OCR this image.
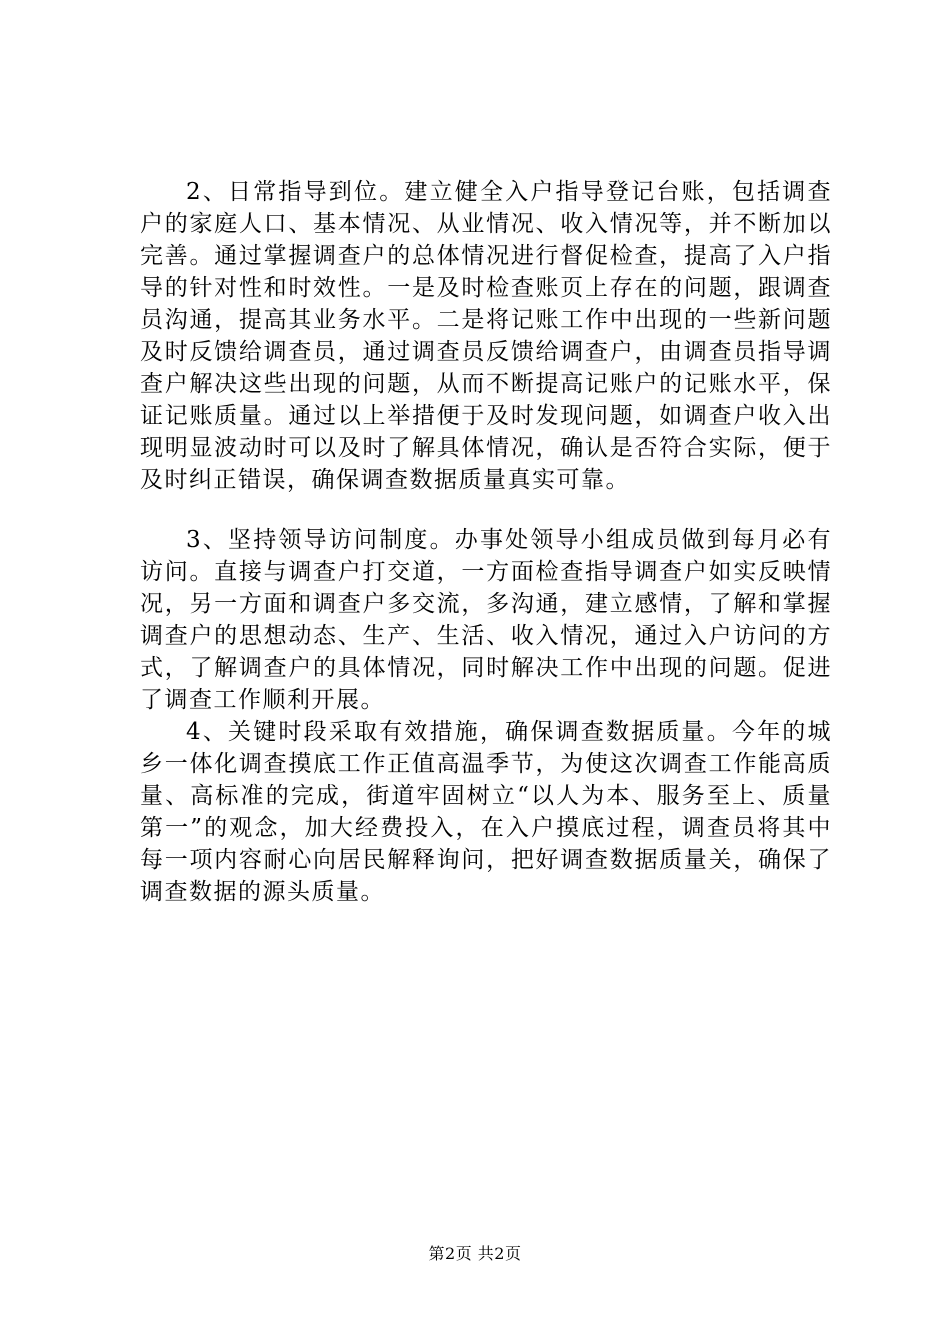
2、日常指导到位。建立健全入户指导登记台账，包括调查户的家庭人口、基本情况、从业情况、收入情况等，并不断加以完善。通过掌握调查户的总体情况进行督促检查，提高了入户指导的针对性和时效性。一是及时检查账页上存在的问题，跟调查员沟通，提高其业务水平。二是将记账工作中出现的一些新问题及时反馈给调查员，通过调查员反馈给调查户，由调查员指导调查户解决这些出现的问题，从而不断提高记账户的记账水平，保证记账质量。通过以上举措便于及时发现问题，如调查户收入出现明显波动时可以及时了解具体情况，确认是否符合实际，便于及时纠正错误，确保调查数据质量真实可靠。

3、坚持领导访问制度。办事处领导小组成员做到每月必有访问。直接与调查户打交道，一方面检查指导调查户如实反映情况，另一方面和调查户多交流，多沟通，建立感情，了解和掌握调查户的思想动态、生产、生活、收入情况，通过入户访问的方式，了解调查户的具体情况，同时解决工作中出现的问题。促进了调查工作顺利开展。

4、关键时段采取有效措施，确保调查数据质量。今年的城乡一体化调查摸底工作正值高温季节，为使这次调查工作能高质量、高标准的完成，街道牢固树立“以人为本、服务至上、质量第一”的观念，加大经费投入，在入户摸底过程，调查员将其中每一项内容耐心向居民解释询问，把好调查数据质量关，确保了调查数据的源头质量。

第2页 共2页
